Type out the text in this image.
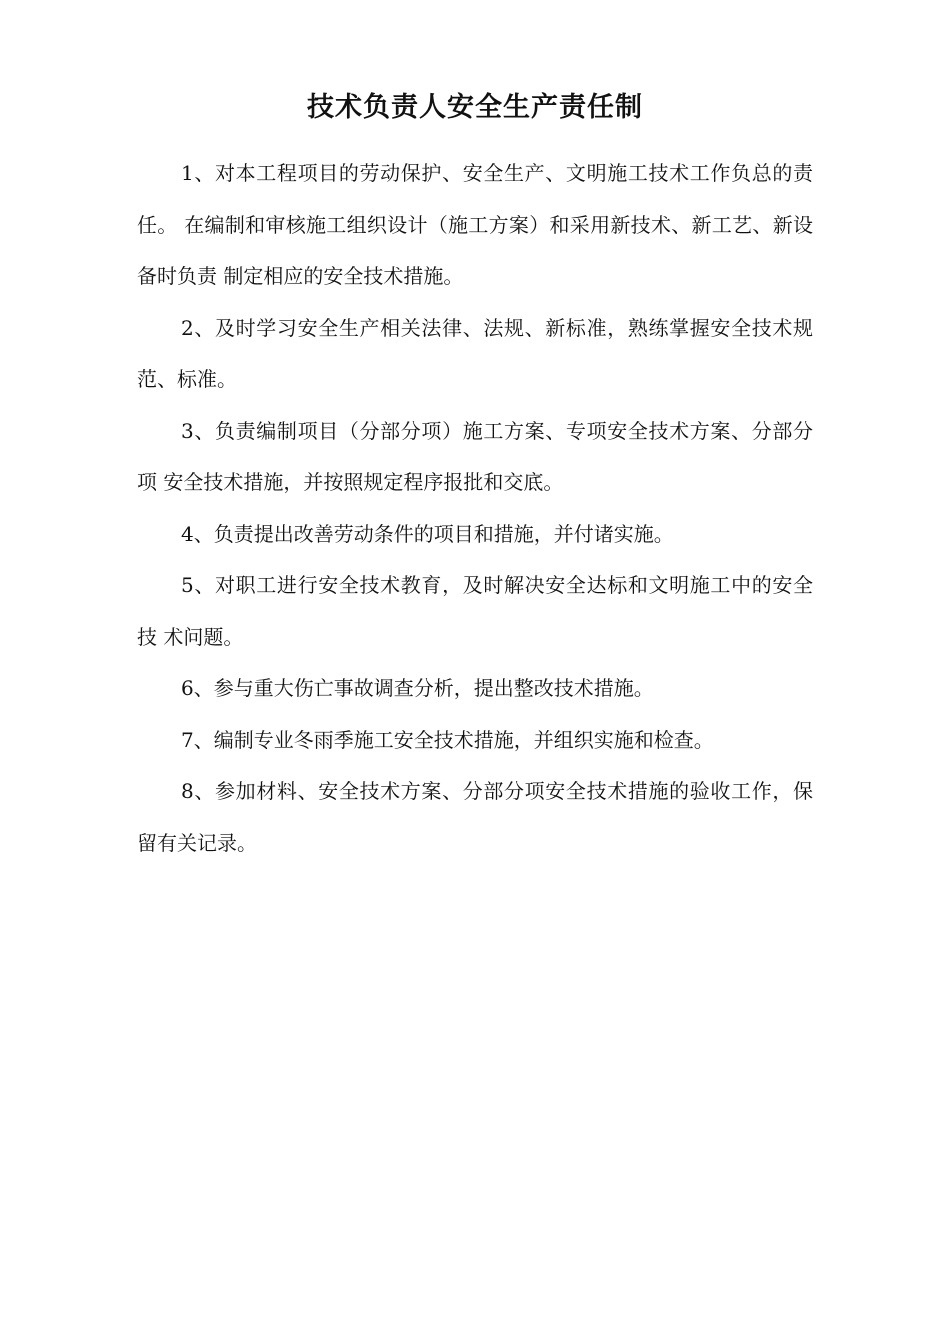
技术负责人安全生产责任制

1、对本工程项目的劳动保护、安全生产、文明施工技术工作负总的责任。 在编制和审核施工组织设计（施工方案）和采用新技术、新工艺、新设备时负责 制定相应的安全技术措施。

2、及时学习安全生产相关法律、法规、新标准，熟练掌握安全技术规范、标准。

3、负责编制项目（分部分项）施工方案、专项安全技术方案、分部分项 安全技术措施，并按照规定程序报批和交底。

4、负责提出改善劳动条件的项目和措施，并付诸实施。

5、对职工进行安全技术教育，及时解决安全达标和文明施工中的安全技 术问题。

6、参与重大伤亡事故调查分析，提出整改技术措施。

7、编制专业冬雨季施工安全技术措施，并组织实施和检查。

8、参加材料、安全技术方案、分部分项安全技术措施的验收工作，保留有关记录。
